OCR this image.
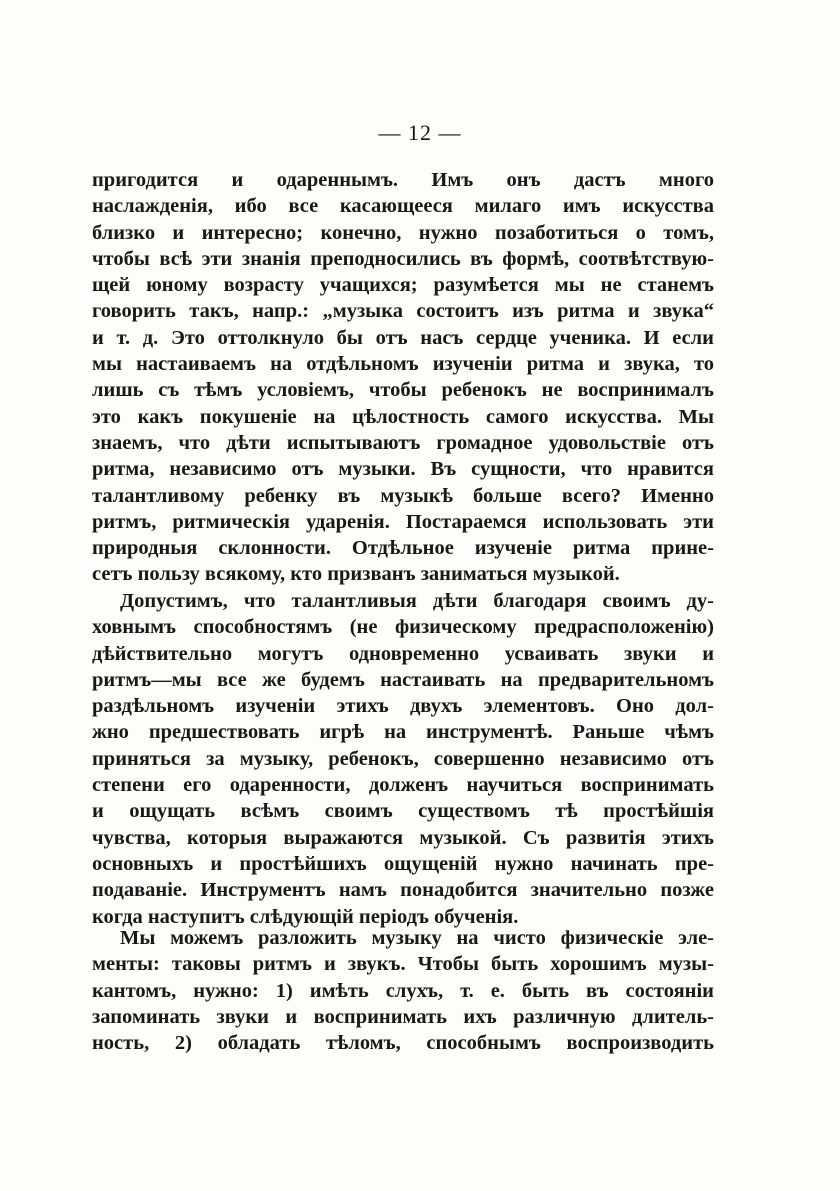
— 12 —
пригодится и одареннымъ. Имъ онъ дастъ много
наслажденія, ибо все касающееся милаго имъ искусства
близко и интересно; конечно, нужно позаботиться о томъ,
чтобы всѣ эти знанія преподносились въ формѣ, соотвѣтствую-
щей юному возрасту учащихся; разумѣется мы не станемъ
говорить такъ, напр.: „музыка состоитъ изъ ритма и звука“
и т. д. Это оттолкнуло бы отъ насъ сердце ученика. И если
мы настаиваемъ на отдѣльномъ изученіи ритма и звука, то
лишь съ тѣмъ условіемъ, чтобы ребенокъ не воспринималъ
это какъ покушеніе на цѣлостность самого искусства. Мы
знаемъ, что дѣти испытываютъ громадное удовольствіе отъ
ритма, независимо отъ музыки. Въ сущности, что нравится
талантливому ребенку въ музыкѣ больше всего? Именно
ритмъ, ритмическія ударенія. Постараемся использовать эти
природныя склонности. Отдѣльное изученіе ритма прине-
сетъ пользу всякому, кто призванъ заниматься музыкой.
Допустимъ, что талантливыя дѣти благодаря своимъ ду-
ховнымъ способностямъ (не физическому предрасположенію)
дѣйствительно могутъ одновременно усваивать звуки и
ритмъ—мы все же будемъ настаивать на предварительномъ
раздѣльномъ изученіи этихъ двухъ элементовъ. Оно дол-
жно предшествовать игрѣ на инструментѣ. Раньше чѣмъ
приняться за музыку, ребенокъ, совершенно независимо отъ
степени его одаренности, долженъ научиться воспринимать
и ощущать всѣмъ своимъ существомъ тѣ простѣйшія
чувства, которыя выражаются музыкой. Съ развитія этихъ
основныхъ и простѣйшихъ ощущеній нужно начинать пре-
подаваніе. Инструментъ намъ понадобится значительно позже
когда наступитъ слѣдующій періодъ обученія.
Мы можемъ разложить музыку на чисто физическіе эле-
менты: таковы ритмъ и звукъ. Чтобы быть хорошимъ музы-
кантомъ, нужно: 1) имѣть слухъ, т. е. быть въ состояніи
запоминать звуки и воспринимать ихъ различную длитель-
ность, 2) обладать тѣломъ, способнымъ воспроизводить
